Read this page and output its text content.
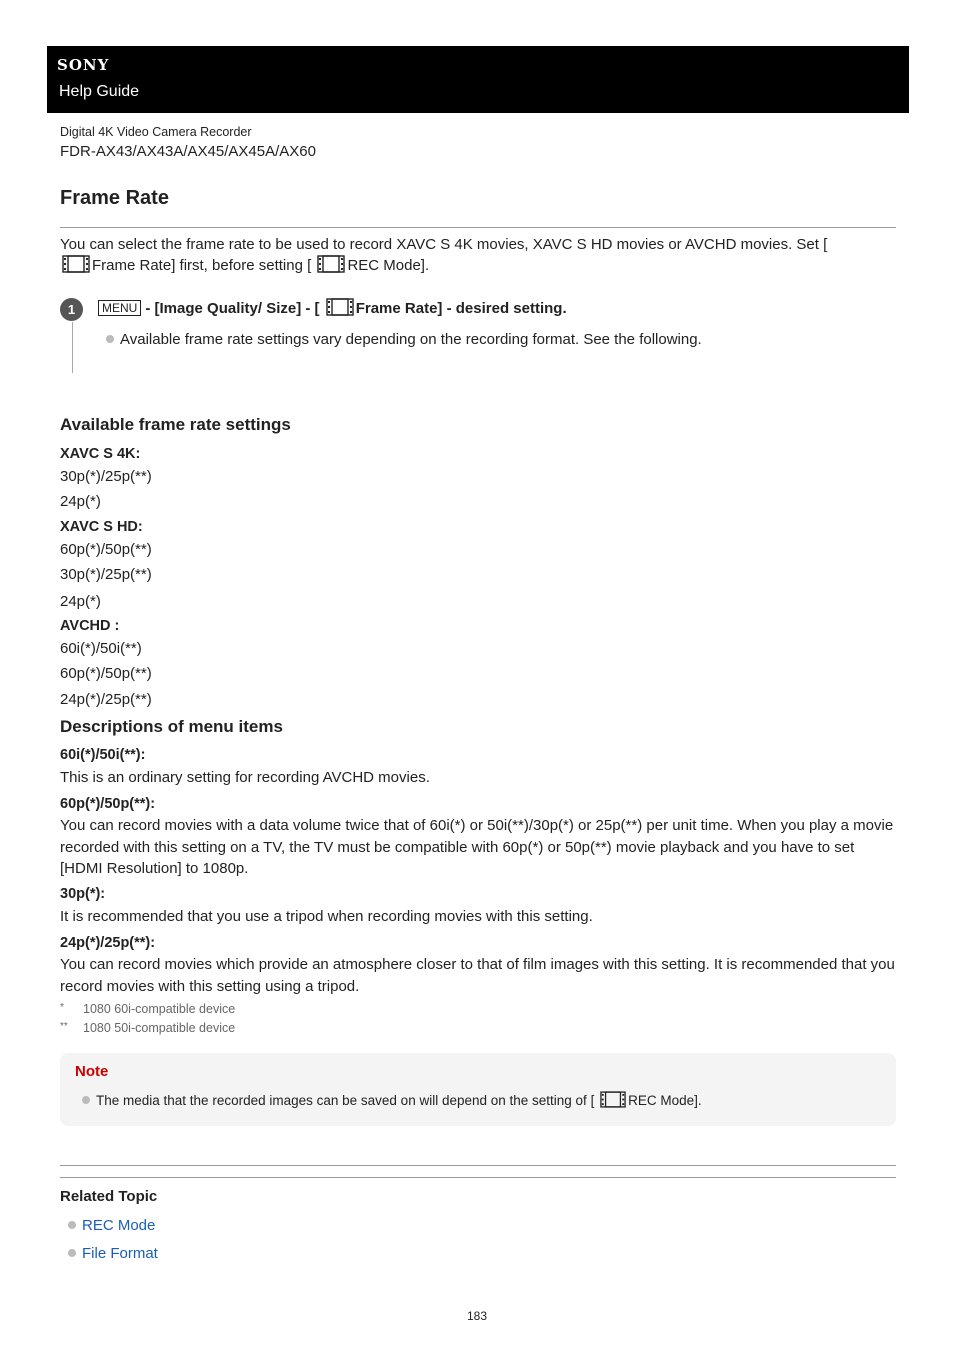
SONY
Help Guide
Digital 4K Video Camera Recorder
FDR-AX43/AX43A/AX45/AX45A/AX60
Frame Rate
You can select the frame rate to be used to record XAVC S 4K movies, XAVC S HD movies or AVCHD movies. Set [
Frame Rate] first, before setting [ REC Mode].
1	MENU - [Image Quality/ Size] - [ Frame Rate] - desired setting.
Available frame rate settings vary depending on the recording format. See the following.
Available frame rate settings
XAVC S 4K:
30p(*)/25p(**)
24p(*)
XAVC S HD:
60p(*)/50p(**)
30p(*)/25p(**)
24p(*)
AVCHD :
60i(*)/50i(**)
60p(*)/50p(**)
24p(*)/25p(**)
Descriptions of menu items
60i(*)/50i(**):
This is an ordinary setting for recording AVCHD movies.
60p(*)/50p(**):
You can record movies with a data volume twice that of 60i(*) or 50i(**)/30p(*) or 25p(**) per unit time. When you play a movie recorded with this setting on a TV, the TV must be compatible with 60p(*) or 50p(**) movie playback and you have to set [HDMI Resolution] to 1080p.
30p(*):
It is recommended that you use a tripod when recording movies with this setting.
24p(*)/25p(**):
You can record movies which provide an atmosphere closer to that of film images with this setting. It is recommended that you record movies with this setting using a tripod.
* 1080 60i-compatible device
** 1080 50i-compatible device
Note
The media that the recorded images can be saved on will depend on the setting of [	REC Mode].
Related Topic
REC Mode
File Format
183
